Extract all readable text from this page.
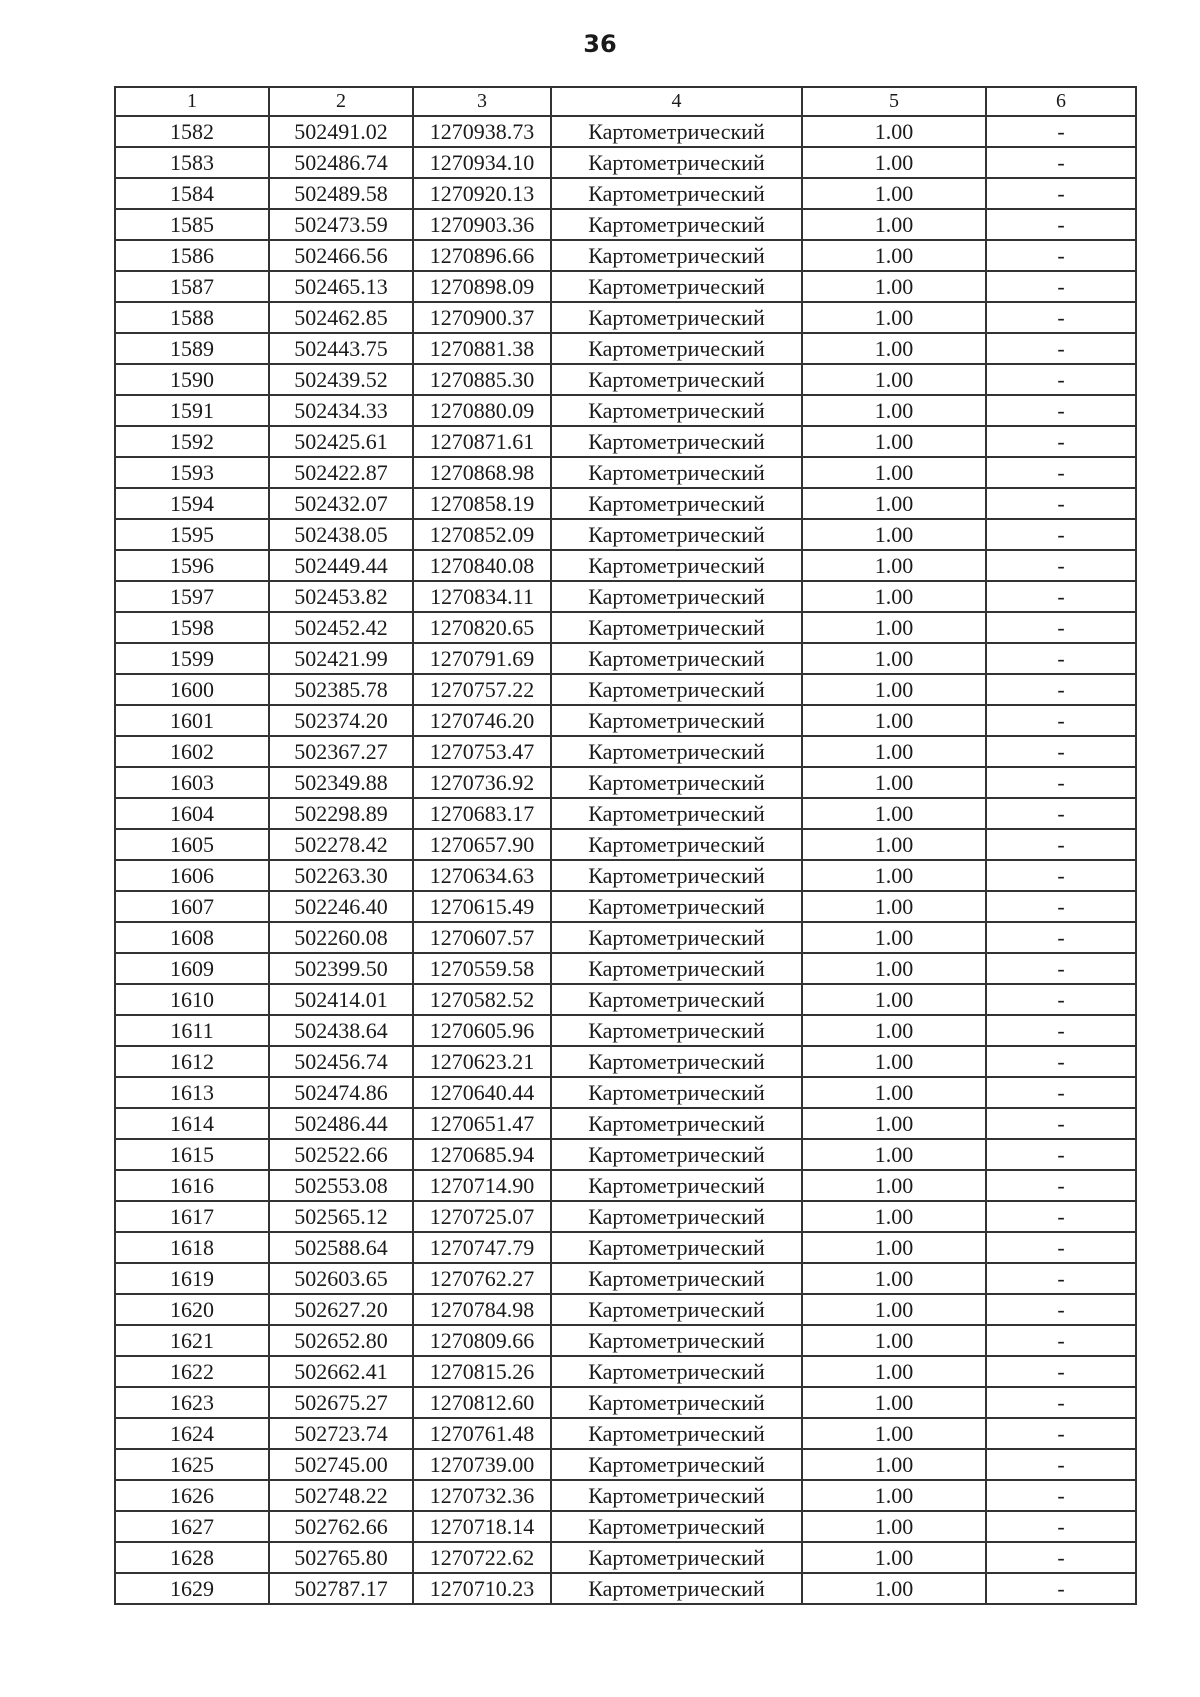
36
1	2	3	4	5	6
1582	502491.02	1270938.73	Картометрический	1.00	-
1583	502486.74	1270934.10	Картометрический	1.00	-
1584	502489.58	1270920.13	Картометрический	1.00	-
1585	502473.59	1270903.36	Картометрический	1.00	-
1586	502466.56	1270896.66	Картометрический	1.00	-
1587	502465.13	1270898.09	Картометрический	1.00	-
1588	502462.85	1270900.37	Картометрический	1.00	-
1589	502443.75	1270881.38	Картометрический	1.00	-
1590	502439.52	1270885.30	Картометрический	1.00	-
1591	502434.33	1270880.09	Картометрический	1.00	-
1592	502425.61	1270871.61	Картометрический	1.00	-
1593	502422.87	1270868.98	Картометрический	1.00	-
1594	502432.07	1270858.19	Картометрический	1.00	-
1595	502438.05	1270852.09	Картометрический	1.00	-
1596	502449.44	1270840.08	Картометрический	1.00	-
1597	502453.82	1270834.11	Картометрический	1.00	-
1598	502452.42	1270820.65	Картометрический	1.00	-
1599	502421.99	1270791.69	Картометрический	1.00	-
1600	502385.78	1270757.22	Картометрический	1.00	-
1601	502374.20	1270746.20	Картометрический	1.00	-
1602	502367.27	1270753.47	Картометрический	1.00	-
1603	502349.88	1270736.92	Картометрический	1.00	-
1604	502298.89	1270683.17	Картометрический	1.00	-
1605	502278.42	1270657.90	Картометрический	1.00	-
1606	502263.30	1270634.63	Картометрический	1.00	-
1607	502246.40	1270615.49	Картометрический	1.00	-
1608	502260.08	1270607.57	Картометрический	1.00	-
1609	502399.50	1270559.58	Картометрический	1.00	-
1610	502414.01	1270582.52	Картометрический	1.00	-
1611	502438.64	1270605.96	Картометрический	1.00	-
1612	502456.74	1270623.21	Картометрический	1.00	-
1613	502474.86	1270640.44	Картометрический	1.00	-
1614	502486.44	1270651.47	Картометрический	1.00	-
1615	502522.66	1270685.94	Картометрический	1.00	-
1616	502553.08	1270714.90	Картометрический	1.00	-
1617	502565.12	1270725.07	Картометрический	1.00	-
1618	502588.64	1270747.79	Картометрический	1.00	-
1619	502603.65	1270762.27	Картометрический	1.00	-
1620	502627.20	1270784.98	Картометрический	1.00	-
1621	502652.80	1270809.66	Картометрический	1.00	-
1622	502662.41	1270815.26	Картометрический	1.00	-
1623	502675.27	1270812.60	Картометрический	1.00	-
1624	502723.74	1270761.48	Картометрический	1.00	-
1625	502745.00	1270739.00	Картометрический	1.00	-
1626	502748.22	1270732.36	Картометрический	1.00	-
1627	502762.66	1270718.14	Картометрический	1.00	-
1628	502765.80	1270722.62	Картометрический	1.00	-
1629	502787.17	1270710.23	Картометрический	1.00	-
